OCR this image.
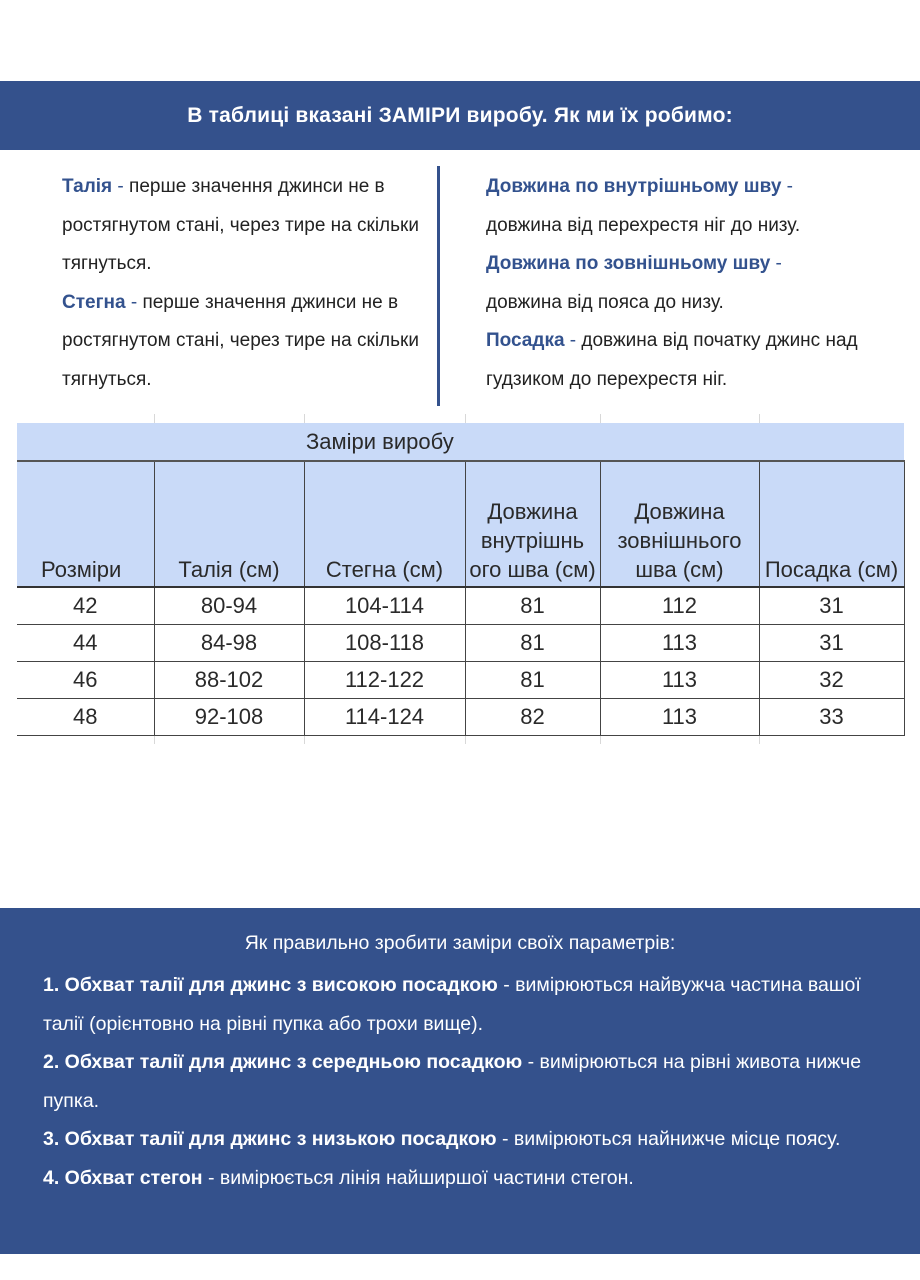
В таблиці вказані ЗАМІРИ виробу. Як ми їх робимо:

Талія - перше значення джинси не в ростягнутом стані, через тире на скільки тягнуться.

Стегна - перше значення джинси не в ростягнутом стані, через тире на скільки тягнуться.

Довжина по внутрішньому шву -
довжина від перехрестя ніг до низу.

Довжина по зовнішньому шву -
довжина від пояса до низу.

Посадка - довжина від початку джинс над гудзиком до перехрестя ніг.

		Заміри виробу			
Розміри	Талія (см)	Стегна (см)	Довжина внутрішнь ого шва (см)	Довжина зовнішнього шва (см)	Посадка (см)
42	80-94	104-114	81	112	31
44	84-98	108-118	81	113	31
46	88-102	112-122	81	113	32
48	92-108	114-124	82	113	33
Як правильно зробити заміри своїх параметрів:

1. Обхват талії для джинс з високою посадкою - вимірюються найвужча частина вашої талії (орієнтовно на рівні пупка або трохи вище).

2. Обхват талії для джинс з середньою посадкою - вимірюються на рівні живота нижче пупка.

3. Обхват талії для джинс з низькою посадкою - вимірюються найнижче місце поясу.

4. Обхват стегон - вимірюється лінія найширшої частини стегон.
